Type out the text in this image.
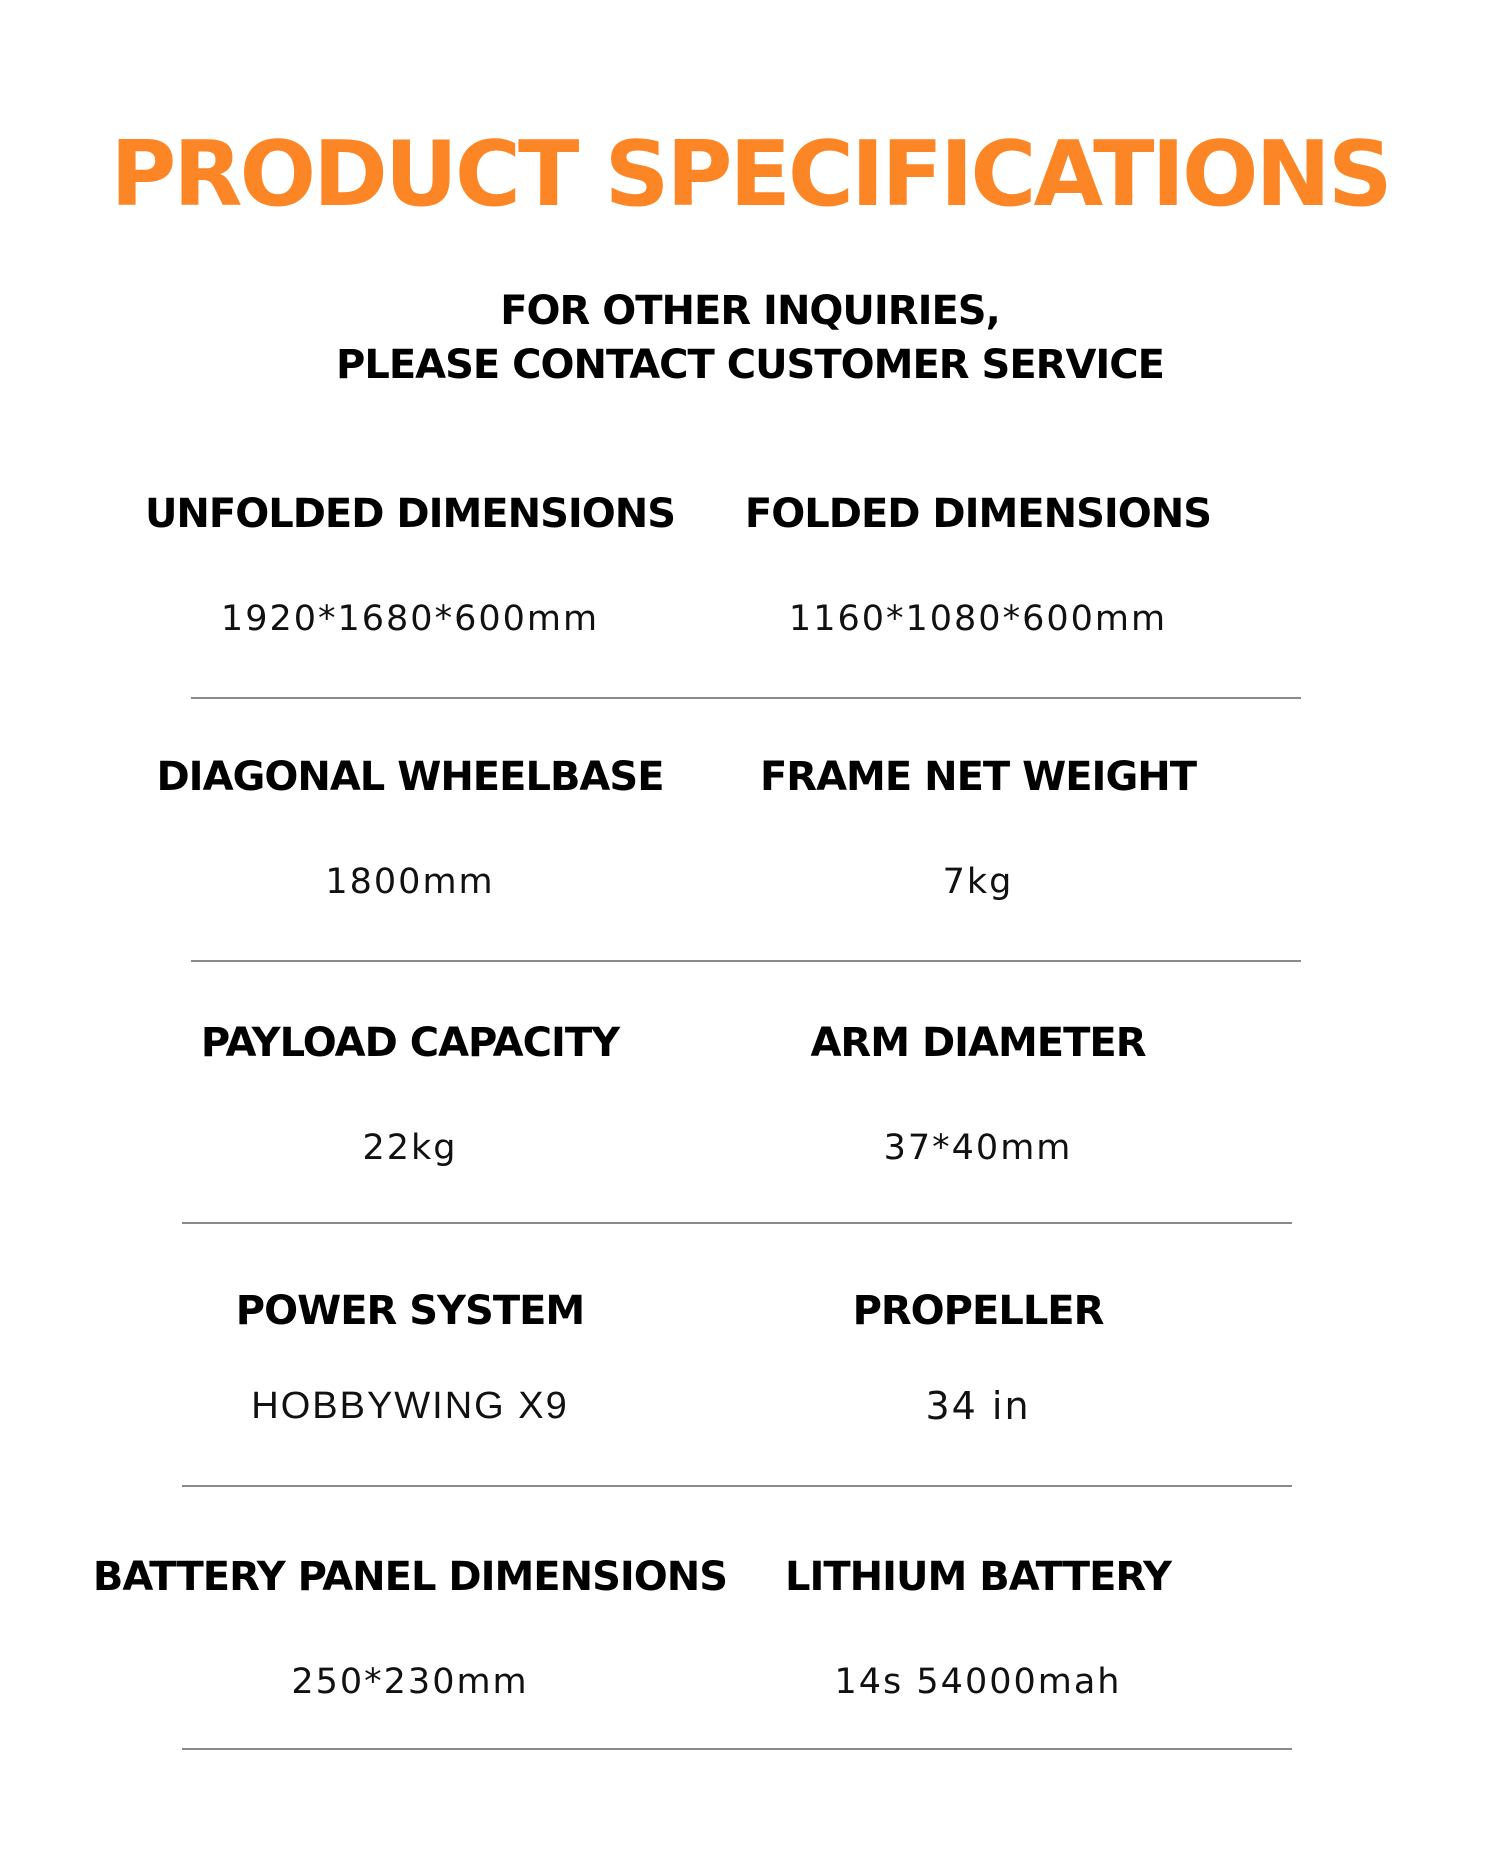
PRODUCT SPECIFICATIONS
FOR OTHER INQUIRIES,
PLEASE CONTACT CUSTOMER SERVICE
UNFOLDED DIMENSIONS
1920*1680*600mm
FOLDED DIMENSIONS
1160*1080*600mm
DIAGONAL WHEELBASE
1800mm
FRAME NET WEIGHT
7kg
PAYLOAD CAPACITY
22kg
ARM DIAMETER
37*40mm
POWER SYSTEM
HOBBYWING X9
PROPELLER
34 in
BATTERY PANEL DIMENSIONS
250*230mm
LITHIUM BATTERY
14s 54000mah
